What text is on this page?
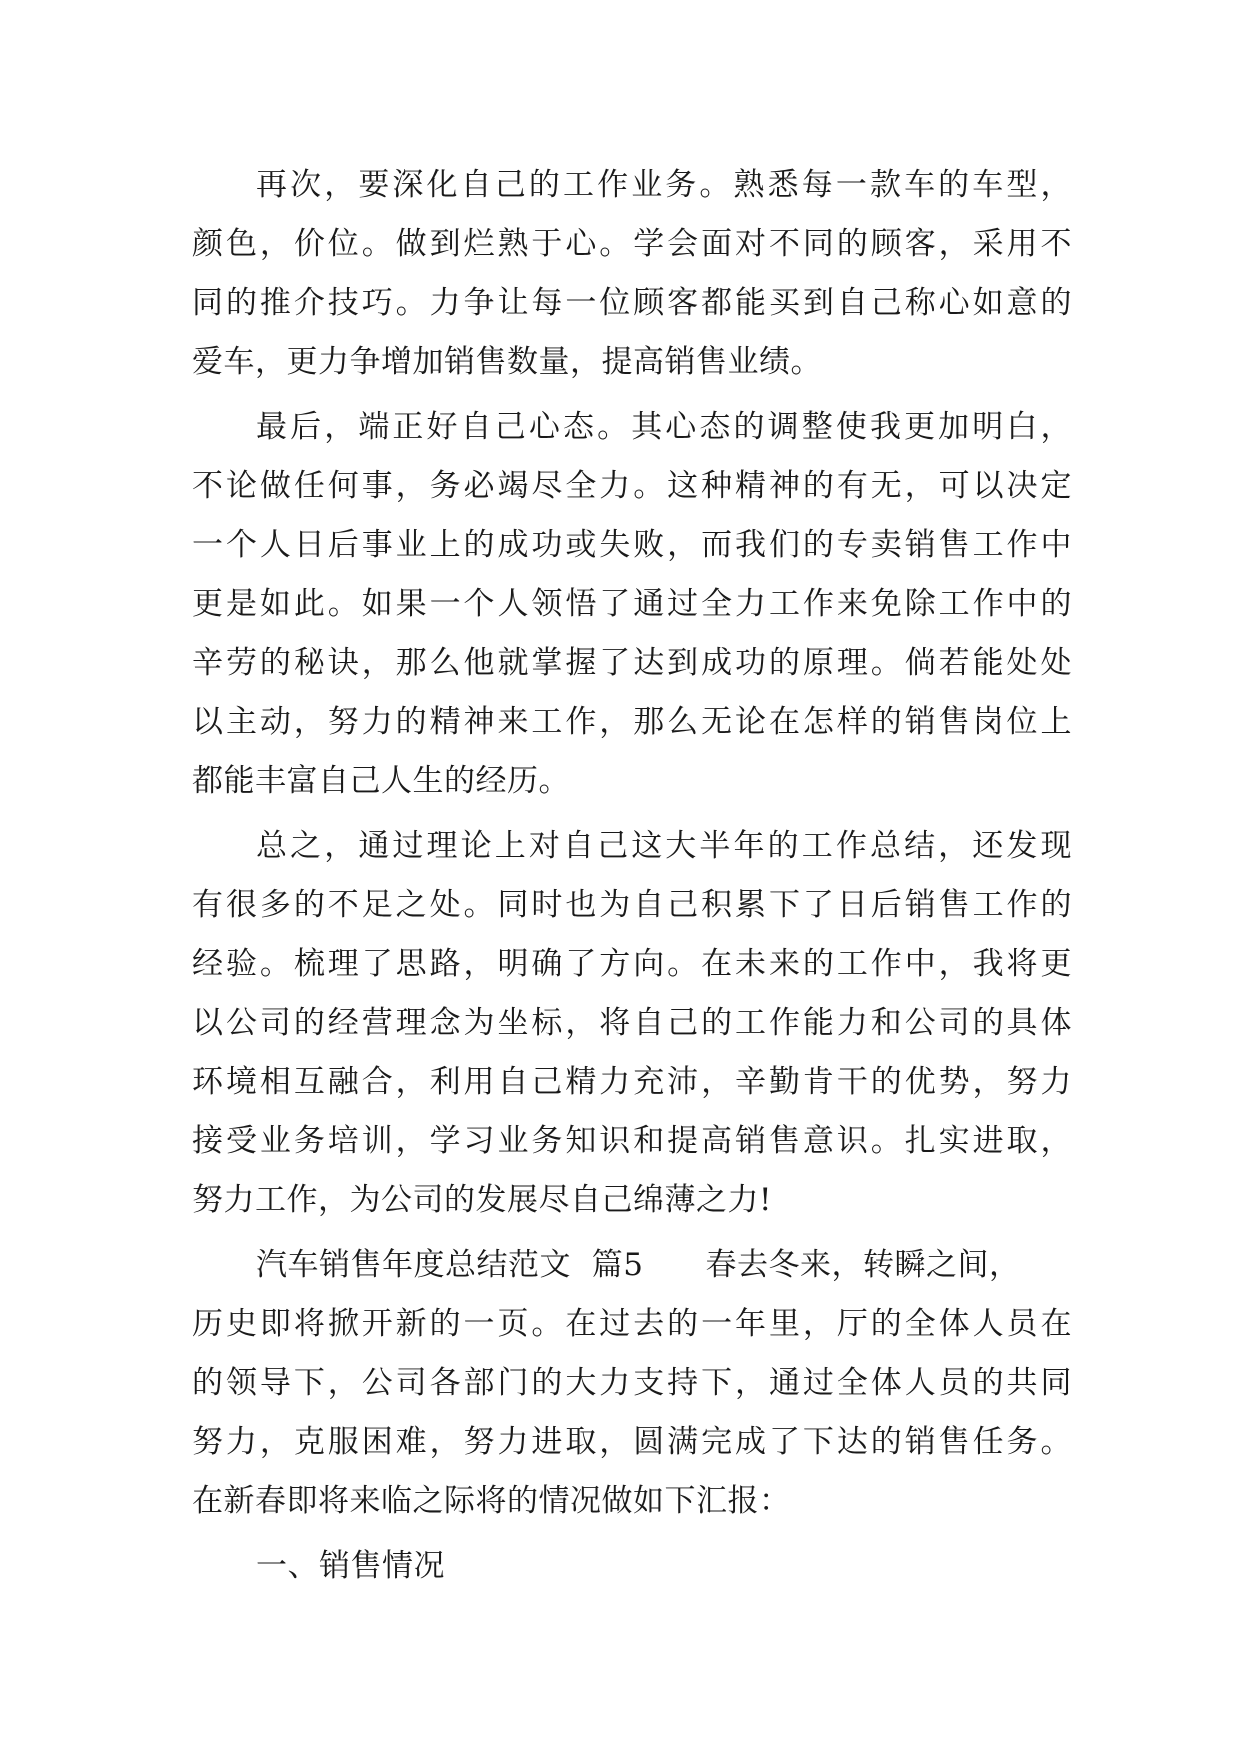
再次，要深化自己的工作业务。熟悉每一款车的车型，
颜色，价位。做到烂熟于心。学会面对不同的顾客，采用不
同的推介技巧。力争让每一位顾客都能买到自己称心如意的
爱车，更力争增加销售数量，提高销售业绩。
最后，端正好自己心态。其心态的调整使我更加明白，
不论做任何事，务必竭尽全力。这种精神的有无，可以决定
一个人日后事业上的成功或失败，而我们的专卖销售工作中
更是如此。如果一个人领悟了通过全力工作来免除工作中的
辛劳的秘诀，那么他就掌握了达到成功的原理。倘若能处处
以主动，努力的精神来工作，那么无论在怎样的销售岗位上
都能丰富自己人生的经历。
总之，通过理论上对自己这大半年的工作总结，还发现
有很多的不足之处。同时也为自己积累下了日后销售工作的
经验。梳理了思路，明确了方向。在未来的工作中，我将更
以公司的经营理念为坐标，将自己的工作能力和公司的具体
环境相互融合，利用自己精力充沛，辛勤肯干的优势，努力
接受业务培训，学习业务知识和提高销售意识。扎实进取，
努力工作，为公司的发展尽自己绵薄之力!
汽车销售年度总结范文  篇5      春去冬来，转瞬之间，
历史即将掀开新的一页。在过去的一年里，厅的全体人员在
的领导下，公司各部门的大力支持下，通过全体人员的共同
努力，克服困难，努力进取，圆满完成了下达的销售任务。
在新春即将来临之际将的情况做如下汇报：
一、销售情况
